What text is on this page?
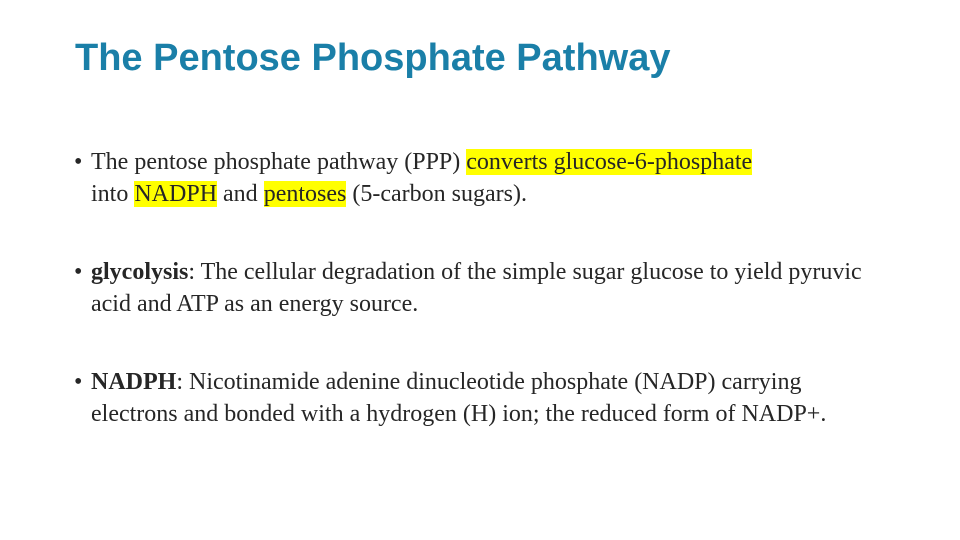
The Pentose Phosphate Pathway
• The pentose phosphate pathway (PPP) converts glucose-6-phosphate
into NADPH and pentoses (5-carbon sugars).
• glycolysis: The cellular degradation of the simple sugar glucose to yield pyruvic acid and ATP as an energy source.
• NADPH: Nicotinamide adenine dinucleotide phosphate (NADP) carrying electrons and bonded with a hydrogen (H) ion; the reduced form of NADP+.
